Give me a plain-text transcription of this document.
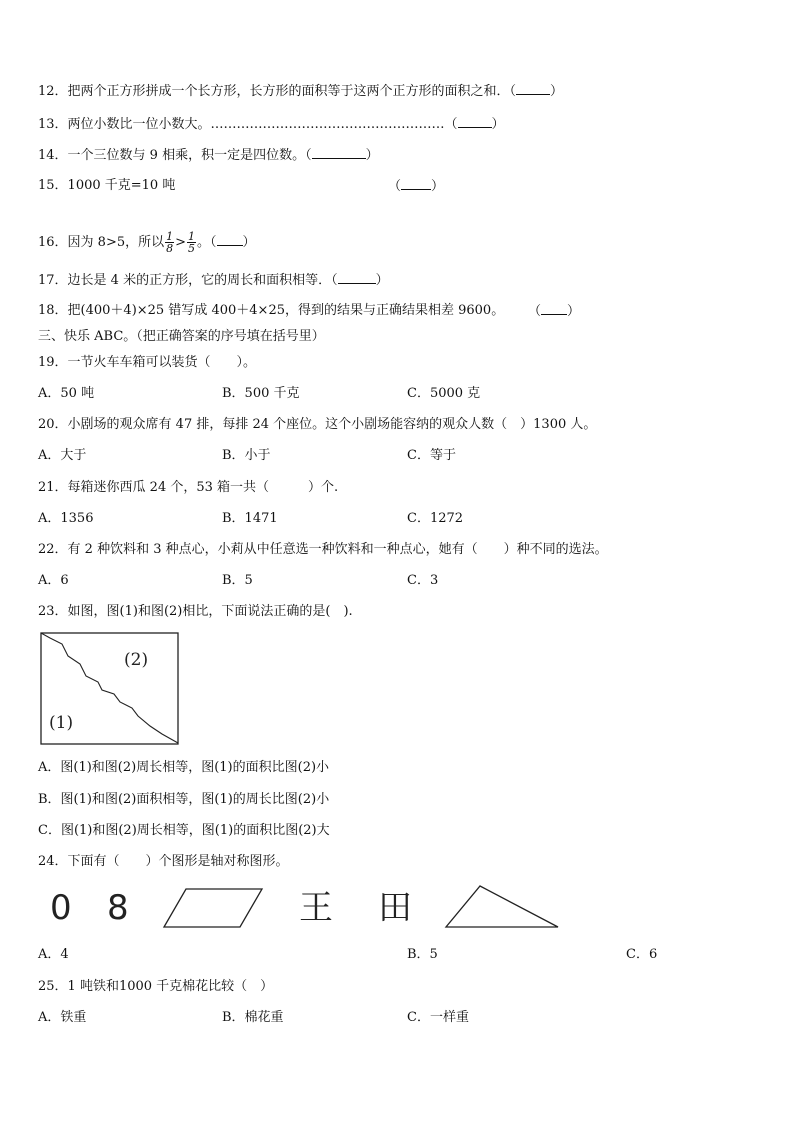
12．把两个正方形拼成一个长方形，长方形的面积等于这两个正方形的面积之和．（	）
13．两位小数比一位小数大。………………………………………………（	）
14．一个三位数与 9 相乘，积一定是四位数。（	）
15．1000 千克=10 吨	（ ）
16．因为 8>5，所以 $\frac{1}{8} > \frac{1}{5}$ 。（ ）
17．边长是 4 米的正方形，它的周长和面积相等．（	）
18．把(400＋4)×25 错写成 400＋4×25，得到的结果与正确结果相差 9600。 （ ）
三、快乐 ABC。（把正确答案的序号填在括号里）
19．一节火车车箱可以装货（　　）。
A．50 吨	B．500 千克	C．5000 克
20．小剧场的观众席有 47 排，每排 24 个座位。这个小剧场能容纳的观众人数（　）1300 人。
A．大于	B．小于	C．等于
21．每箱迷你西瓜 24 个，53 箱一共（　　　）个.
A．1356	B．1471	C．1272
22．有 2 种饮料和 3 种点心，小莉从中任意选一种饮料和一种点心，她有（　　）种不同的选法。
A．6	B．5	C．3
23．如图，图(1)和图(2)相比，下面说法正确的是(　).
(2)
(1)
A．图(1)和图(2)周长相等，图(1)的面积比图(2)小
B．图(1)和图(2)面积相等，图(1)的周长比图(2)小
C．图(1)和图(2)周长相等，图(1)的面积比图(2)大
24．下面有（　　）个图形是轴对称图形。
0 8	王 田
A．4	B．5	C．6
25．1 吨铁和1000 千克棉花比较（　）
A．铁重	B．棉花重	C．一样重
